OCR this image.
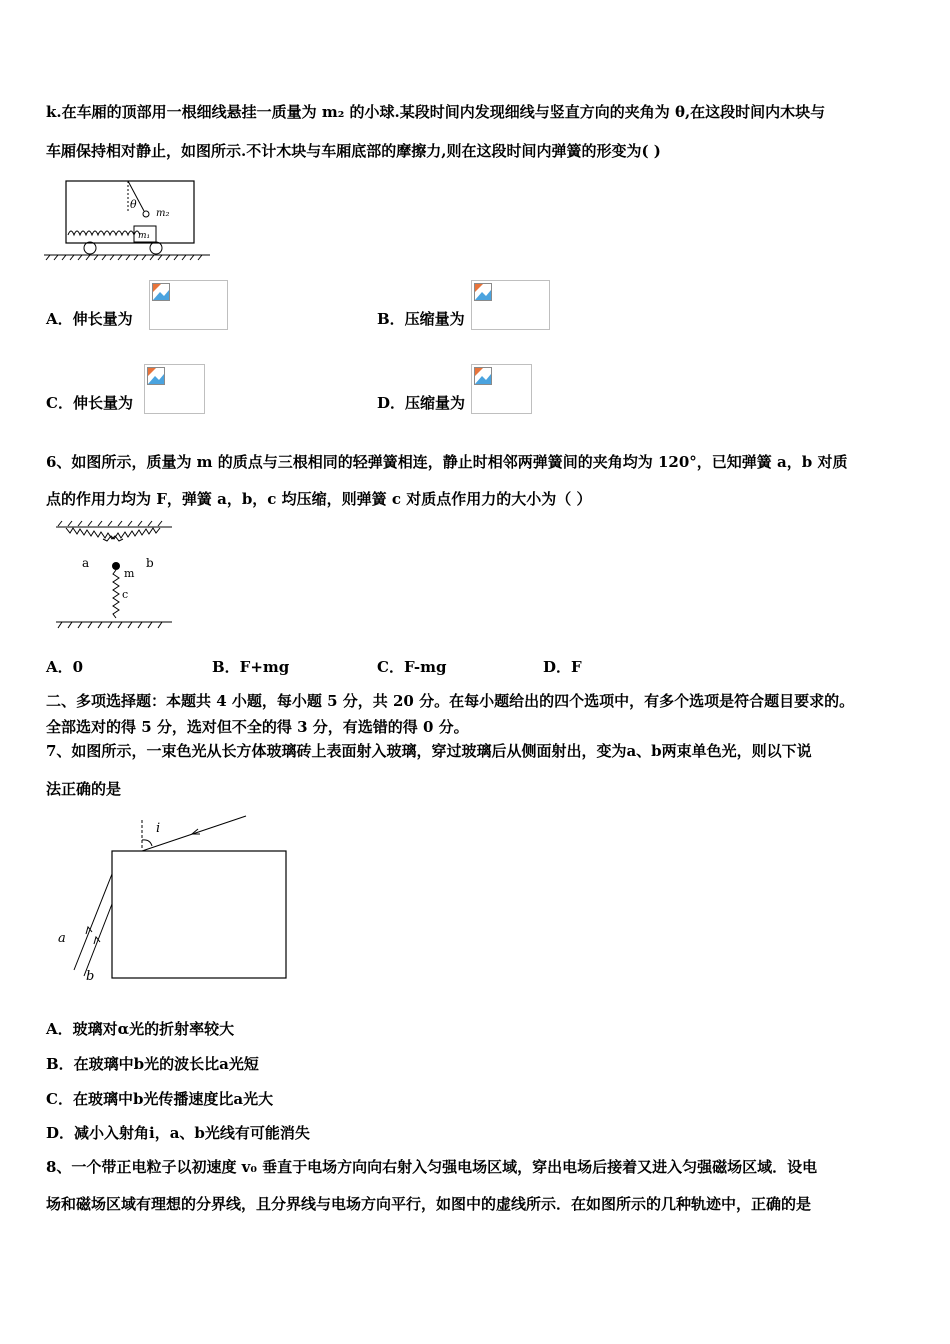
k.在车厢的顶部用一根细线悬挂一质量为 m₂ 的小球.某段时间内发现细线与竖直方向的夹角为 θ,在这段时间内木块与
车厢保持相对静止，如图所示.不计木块与车厢底部的摩擦力,则在这段时间内弹簧的形变为( )
θ
m₂
m₁
A．伸长量为	B．压缩量为
C．伸长量为	D．压缩量为
6、如图所示，质量为 m 的质点与三根相同的轻弹簧相连，静止时相邻两弹簧间的夹角均为 120°，已知弹簧 a，b 对质
点的作用力均为 F，弹簧 a，b，c 均压缩，则弹簧 c 对质点作用力的大小为（ ）
a	b
m
c
A．0	B．F+mg	C．F-mg	D．F
二、多项选择题：本题共 4 小题，每小题 5 分，共 20 分。在每小题给出的四个选项中，有多个选项是符合题目要求的。
全部选对的得 5 分，选对但不全的得 3 分，有选错的得 0 分。
7、如图所示，一束色光从长方体玻璃砖上表面射入玻璃，穿过玻璃后从侧面射出，变为a、b两束单色光，则以下说
法正确的是
i
a
b
A．玻璃对α光的折射率较大
B．在玻璃中b光的波长比a光短
C．在玻璃中b光传播速度比a光大
D．减小入射角i，a、b光线有可能消失
8、一个带正电粒子以初速度 v₀ 垂直于电场方向向右射入匀强电场区域，穿出电场后接着又进入匀强磁场区域．设电
场和磁场区域有理想的分界线，且分界线与电场方向平行，如图中的虚线所示．在如图所示的几种轨迹中，正确的是
